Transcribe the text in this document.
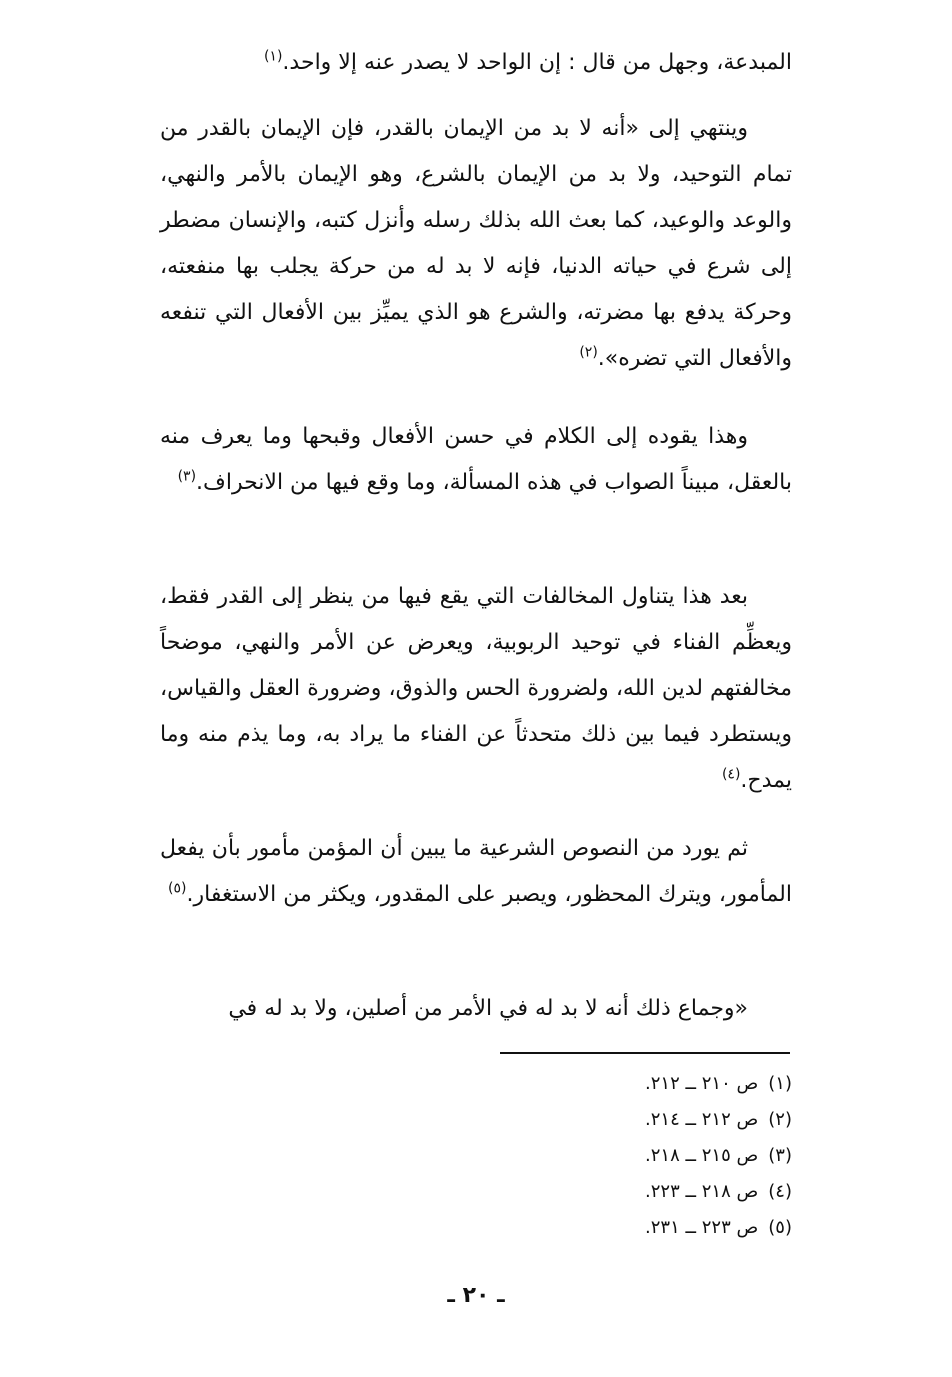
المبدعة، وجهل من قال : إن الواحد لا يصدر عنه إلا واحد.$^{(١)}$

وينتهي إلى «أنه لا بد من الإيمان بالقدر، فإن الإيمان بالقدر من تمام التوحيد، ولا بد من الإيمان بالشرع، وهو الإيمان بالأمر والنهي، والوعد والوعيد، كما بعث الله بذلك رسله وأنزل كتبه، والإنسان مضطر إلى شرع في حياته الدنيا، فإنه لا بد له من حركة يجلب بها منفعته، وحركة يدفع بها مضرته، والشرع هو الذي يميِّز بين الأفعال التي تنفعه والأفعال التي تضره».$^{(٢)}$

وهذا يقوده إلى الكلام في حسن الأفعال وقبحها وما يعرف منه بالعقل، مبيناً الصواب في هذه المسألة، وما وقع فيها من الانحراف.$^{(٣)}$

بعد هذا يتناول المخالفات التي يقع فيها من ينظر إلى القدر فقط، ويعظِّم الفناء في توحيد الربوبية، ويعرض عن الأمر والنهي، موضحاً مخالفتهم لدين الله، ولضرورة الحس والذوق، وضرورة العقل والقياس، ويستطرد فيما بين ذلك متحدثاً عن الفناء ما يراد به، وما يذم منه وما يمدح.$^{(٤)}$

ثم يورد من النصوص الشرعية ما يبين أن المؤمن مأمور بأن يفعل المأمور، ويترك المحظور، ويصبر على المقدور، ويكثر من الاستغفار.$^{(٥)}$

«وجماع ذلك أنه لا بد له في الأمر من أصلين، ولا بد له في

(١)
ص ٢١٠ ــ ٢١٢.
(٢)
ص ٢١٢ ــ ٢١٤.
(٣)
ص ٢١٥ ــ ٢١٨.
(٤)
ص ٢١٨ ــ ٢٢٣.
(٥)
ص ٢٢٣ ــ ٢٣١.
ـ ٢٠ ـ
